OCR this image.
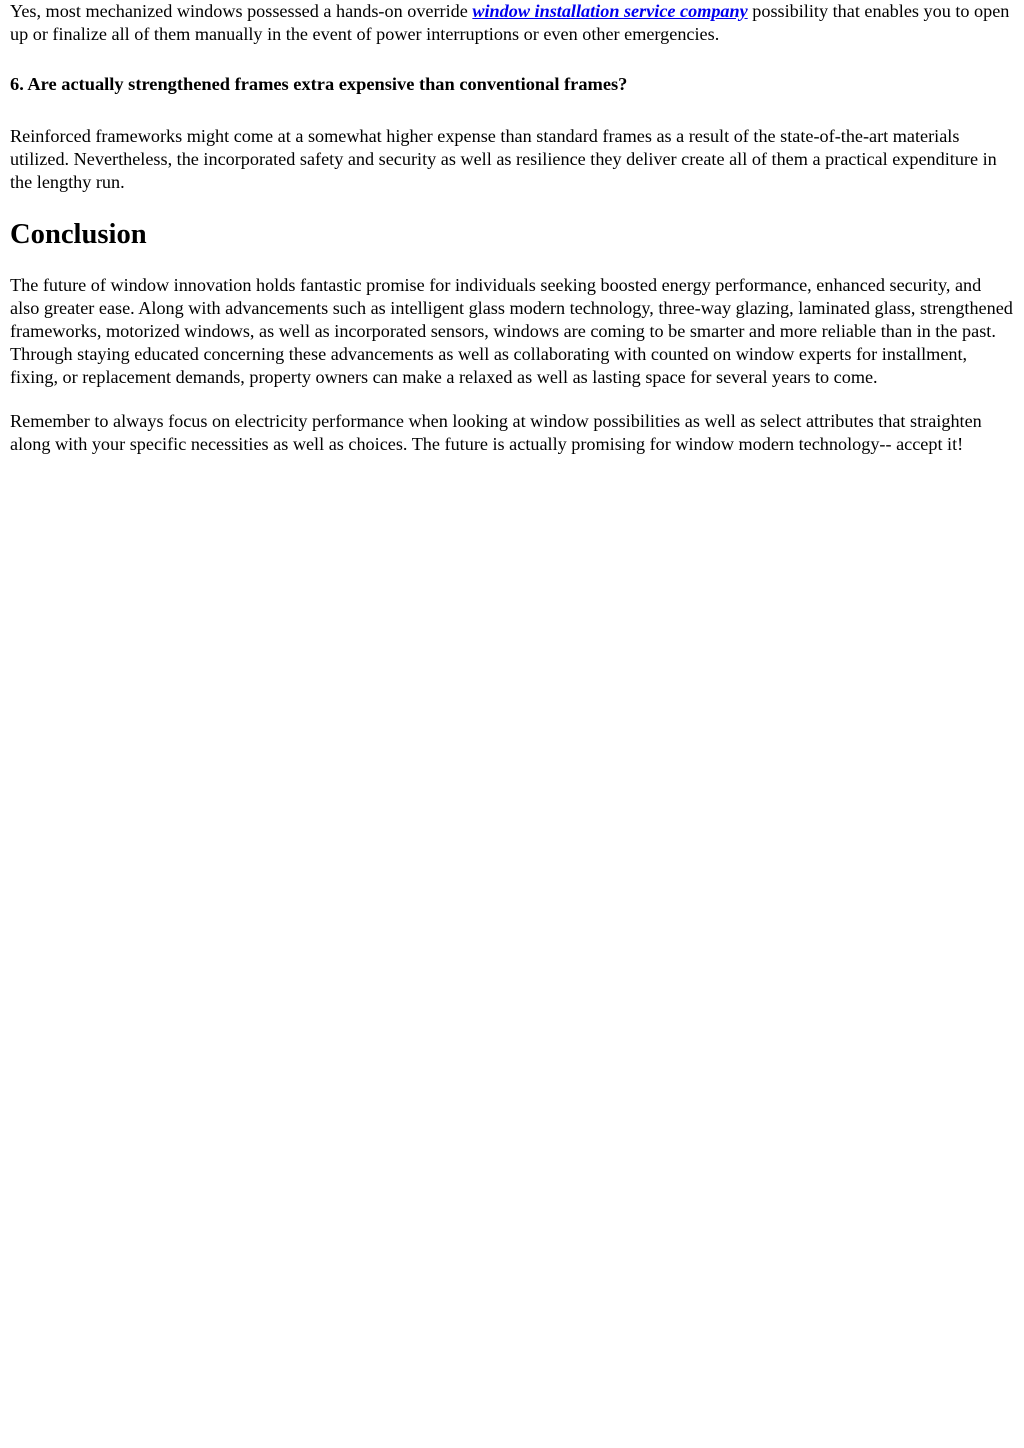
Yes, most mechanized windows possessed a hands-on override window installation service company possibility that enables you to open up or finalize all of them manually in the event of power interruptions or even other emergencies.

6. Are actually strengthened frames extra expensive than conventional frames?

Reinforced frameworks might come at a somewhat higher expense than standard frames as a result of the state-of-the-art materials utilized. Nevertheless, the incorporated safety and security as well as resilience they deliver create all of them a practical expenditure in the lengthy run.

Conclusion

The future of window innovation holds fantastic promise for individuals seeking boosted energy performance, enhanced security, and also greater ease. Along with advancements such as intelligent glass modern technology, three-way glazing, laminated glass, strengthened frameworks, motorized windows, as well as incorporated sensors, windows are coming to be smarter and more reliable than in the past. Through staying educated concerning these advancements as well as collaborating with counted on window experts for installment, fixing, or replacement demands, property owners can make a relaxed as well as lasting space for several years to come.

Remember to always focus on electricity performance when looking at window possibilities as well as select attributes that straighten along with your specific necessities as well as choices. The future is actually promising for window modern technology-- accept it!
